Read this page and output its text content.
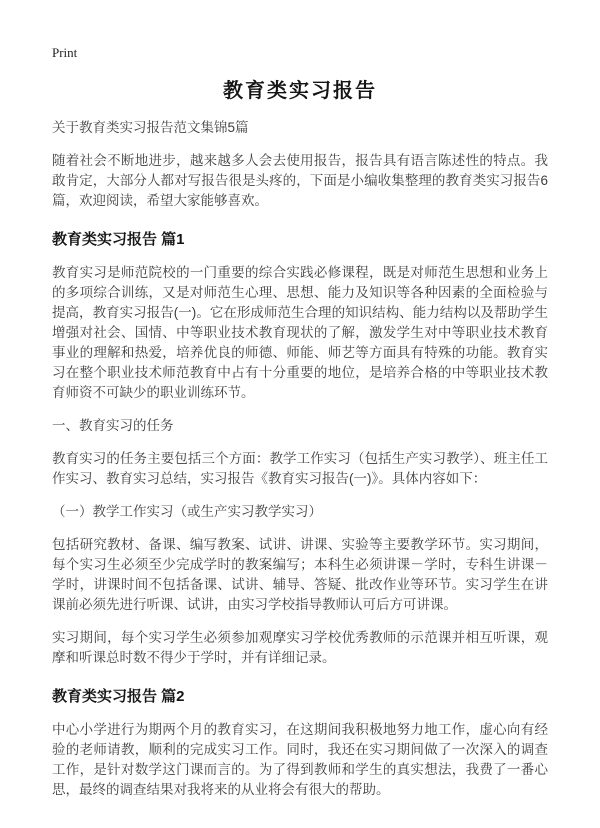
Print
教育类实习报告

关于教育类实习报告范文集锦5篇

随着社会不断地进步，越来越多人会去使用报告，报告具有语言陈述性的特点。我敢肯定，大部分人都对写报告很是头疼的，下面是小编收集整理的教育类实习报告6篇，欢迎阅读，希望大家能够喜欢。

教育类实习报告 篇1

教育实习是师范院校的一门重要的综合实践必修课程，既是对师范生思想和业务上的多项综合训练，又是对师范生心理、思想、能力及知识等各种因素的全面检验与提高，教育实习报告(一)。它在形成师范生合理的知识结构、能力结构以及帮助学生增强对社会、国情、中等职业技术教育现状的了解，激发学生对中等职业技术教育事业的理解和热爱，培养优良的师德、师能、师艺等方面具有特殊的功能。教育实习在整个职业技术师范教育中占有十分重要的地位，是培养合格的中等职业技术教育师资不可缺少的职业训练环节。

一、教育实习的任务

教育实习的任务主要包括三个方面：教学工作实习（包括生产实习教学）、班主任工作实习、教育实习总结，实习报告《教育实习报告(一)》。具体内容如下：

（一）教学工作实习（或生产实习教学实习）

包括研究教材、备课、编写教案、试讲、讲课、实验等主要教学环节。实习期间，每个实习生必须至少完成学时的教案编写；本科生必须讲课－学时，专科生讲课－学时，讲课时间不包括备课、试讲、辅导、答疑、批改作业等环节。实习学生在讲课前必须先进行听课、试讲，由实习学校指导教师认可后方可讲课。

实习期间，每个实习学生必须参加观摩实习学校优秀教师的示范课并相互听课，观摩和听课总时数不得少于学时，并有详细记录。

教育类实习报告 篇2

中心小学进行为期两个月的教育实习，在这期间我积极地努力地工作，虚心向有经验的老师请教，顺利的完成实习工作。同时，我还在实习期间做了一次深入的调查工作，是针对数学这门课而言的。为了得到教师和学生的真实想法，我费了一番心思，最终的调查结果对我将来的从业将会有很大的帮助。
